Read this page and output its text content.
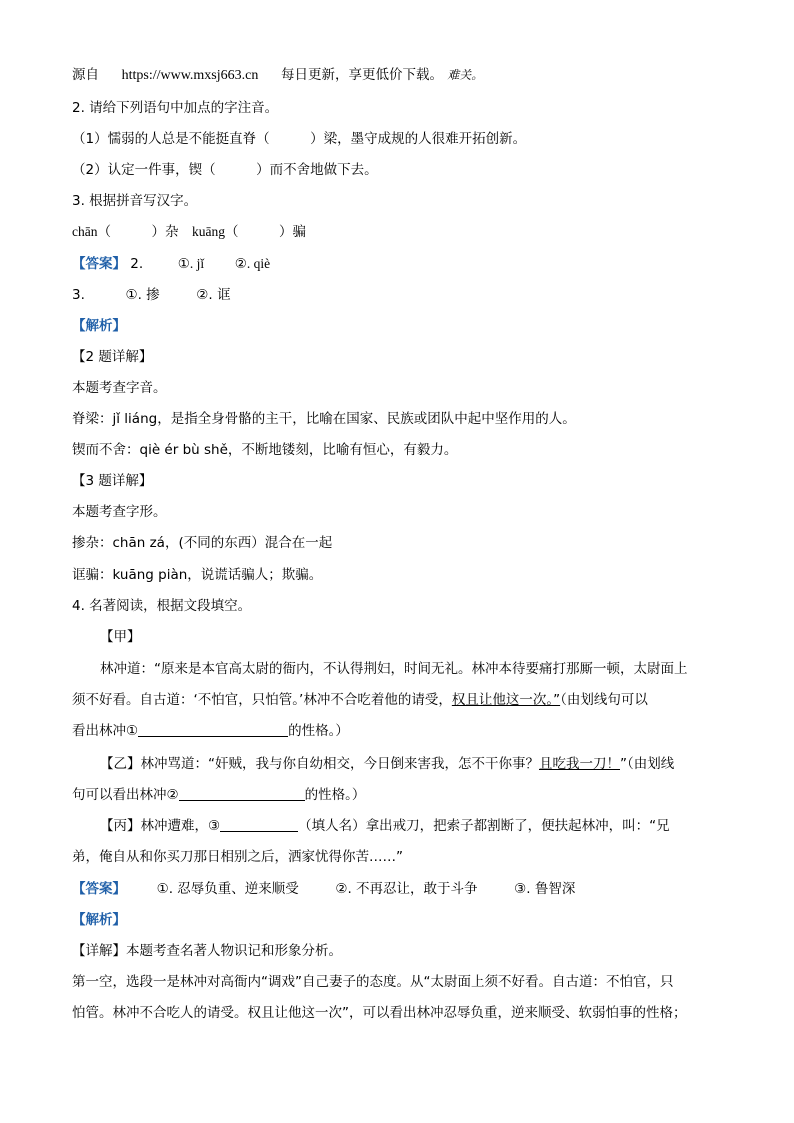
源自 https://www.mxsj663.cn 每日更新，享更低价下载。 难关。
2. 请给下列语句中加点的字注音。
（1）懦弱的人总是不能挺直脊（　　　）梁，墨守成规的人很难开拓创新。
（2）认定一件事，锲（　　　）而不舍地做下去。
3. 根据拼音写汉字。
chān（　　　）杂　kuāng（　　　）骗
【答案】 2.	①. jǐ ②. qiè
3.	①. 掺	②. 诓
【解析】
【2 题详解】
本题考查字音。
脊梁：jǐ liáng，是指全身骨骼的主干，比喻在国家、民族或团队中起中坚作用的人。
锲而不舍：qiè ér bù shě，不断地镂刻，比喻有恒心，有毅力。
【3 题详解】
本题考查字形。
掺杂：chān zá，(不同的东西）混合在一起
诓骗：kuāng piàn，说谎话骗人；欺骗。
4. 名著阅读，根据文段填空。
【甲】
林冲道：“原来是本官高太尉的衙内，不认得荆妇，时间无礼。林冲本待要痛打那厮一顿，太尉面上
须不好看。自古道：‘不怕官，只怕管。’林冲不合吃着他的请受，权且让他这一次。”（由划线句可以
看出林冲①	的性格。）
【乙】林冲骂道：“奸贼，我与你自幼相交，今日倒来害我，怎不干你事？且吃我一刀！”（由划线
句可以看出林冲②	的性格。）
【丙】林冲遭难，③	（填人名）拿出戒刀，把索子都割断了，便扶起林冲，叫：“兄
弟，俺自从和你买刀那日相别之后，洒家忧得你苦……”
【答案】 ①. 忍辱负重、逆来顺受	②. 不再忍让，敢于斗争	③. 鲁智深
【解析】
【详解】本题考查名著人物识记和形象分析。
第一空，选段一是林冲对高衙内“调戏”自己妻子的态度。从“太尉面上须不好看。自古道：不怕官，只
怕管。林冲不合吃人的请受。权且让他这一次”，可以看出林冲忍辱负重，逆来顺受、软弱怕事的性格；
